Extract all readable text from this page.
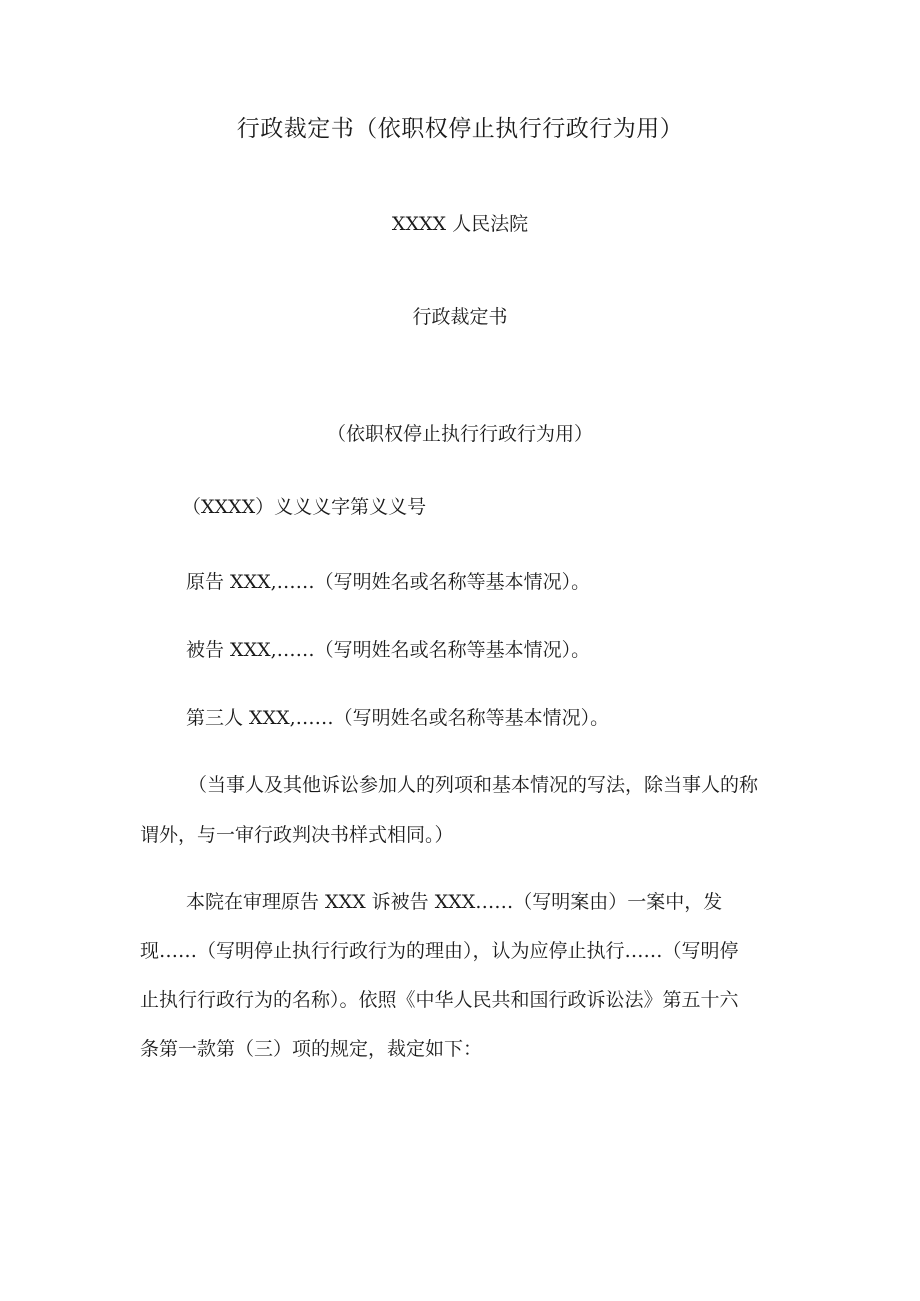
行政裁定书（依职权停止执行行政行为用）
XXXX 人民法院
行政裁定书
（依职权停止执行行政行为用）
（XXXX）义义义字第义义号
原告 XXX,……（写明姓名或名称等基本情况）。
被告 XXX,……（写明姓名或名称等基本情况）。
第三人 XXX,……（写明姓名或名称等基本情况）。
（当事人及其他诉讼参加人的列项和基本情况的写法，除当事人的称
谓外，与一审行政判决书样式相同。）
本院在审理原告 XXX 诉被告 XXX……（写明案由）一案中，发
现……（写明停止执行行政行为的理由），认为应停止执行……（写明停
止执行行政行为的名称）。依照《中华人民共和国行政诉讼法》第五十六
条第一款第（三）项的规定，裁定如下：
